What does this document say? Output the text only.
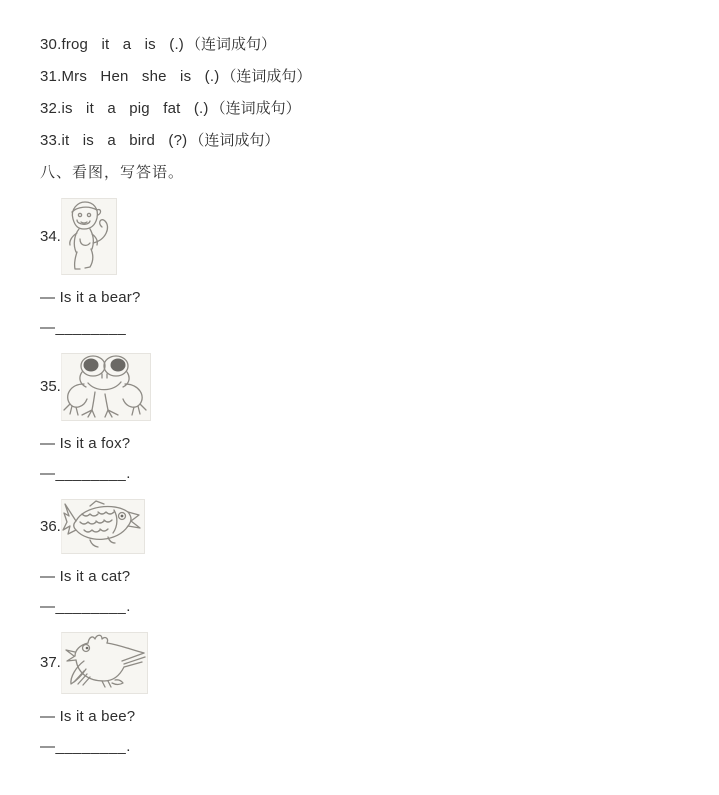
30.frog it a is (.) （连词成句）

31.Mrs Hen she is (.) （连词成句）

32.is it a pig fat (.) （连词成句）

33.it is a bird (?) （连词成句）

八、看图，写答语。
34.

— Is it a bear?

—________

35.

— Is it a fox?

—________.

36.

— Is it a cat?

—________.

37.

— Is it a bee?

—________.
